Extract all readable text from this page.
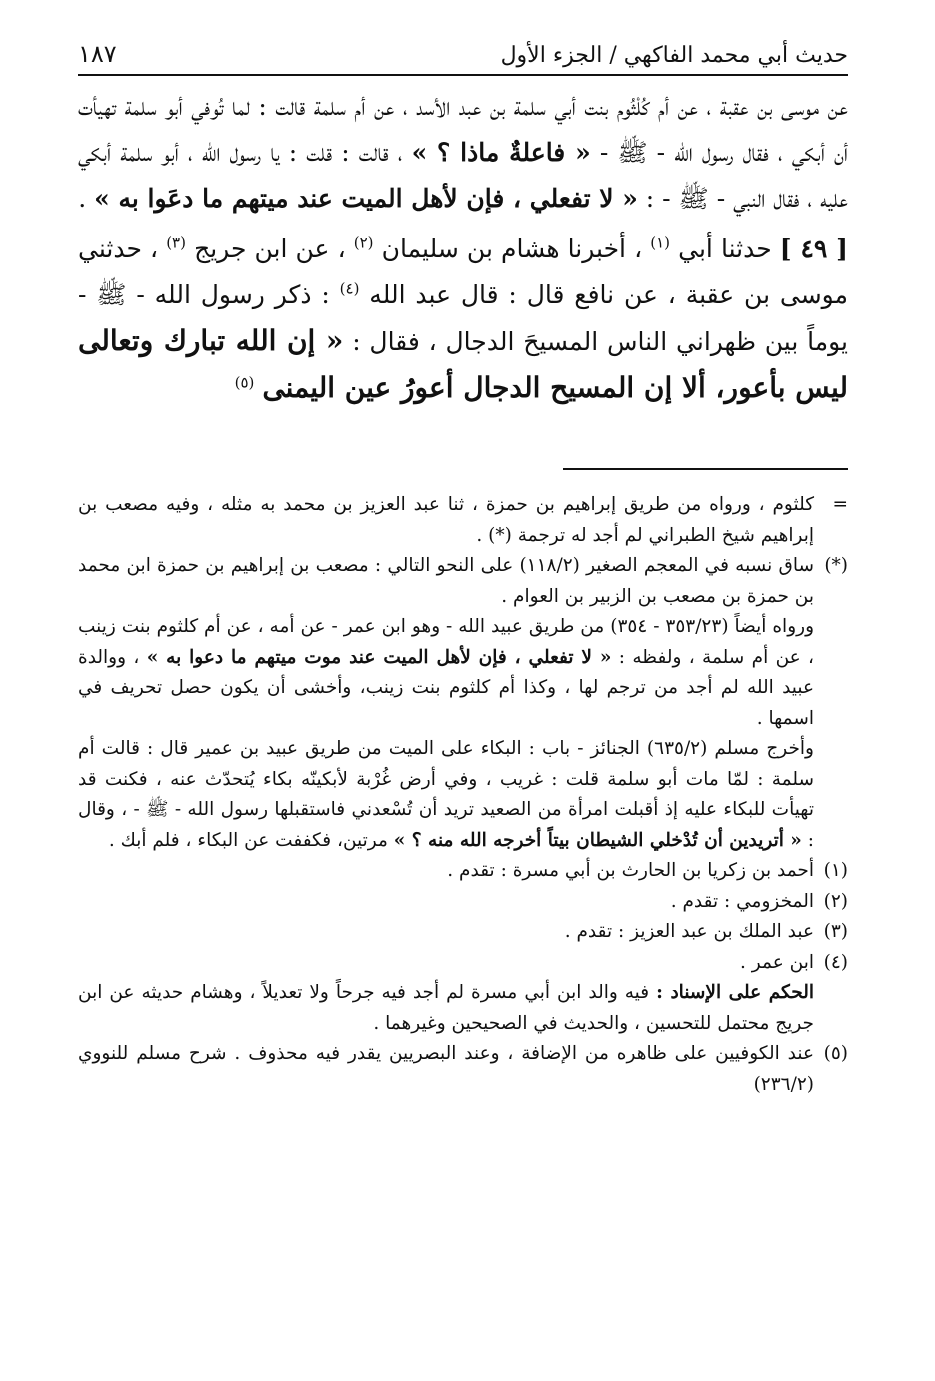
حديث أبي محمد الفاكهي / الجزء الأول
١٨٧

عن موسى بن عقبة ، عن أم كُلْثُوم بنت أبي سلمة بن عبد الأسد ، عن أم سلمة قالت : لما تُوفي أبو سلمة تهيأت أن أبكي ، فقال رسول الله - ﷺ - « فاعلةٌ ماذا ؟ » ، قالت : قلت : يا رسول الله ، أبو سلمة أبكي عليه ، فقال النبي - ﷺ - : « لا تفعلي ، فإن لأهل الميت عند ميتهم ما دعَوا به » .

[ ٤٩ ] حدثنا أبي $^{(١)}$ ، أخبرنا هشام بن سليمان $^{(٢)}$ ، عن ابن جريج $^{(٣)}$ ، حدثني موسى بن عقبة ، عن نافع قال : قال عبد الله $^{(٤)}$ : ذكر رسول الله - ﷺ - يوماً بين ظهراني الناس المسيحَ الدجال ، فقال : « إن الله تبارك وتعالى ليس بأعور، ألا إن المسيح الدجال أعورُ عين اليمنى $^{(٥)}$

=
كلثوم ، ورواه من طريق إبراهيم بن حمزة ، ثنا عبد العزيز بن محمد به مثله ، وفيه مصعب بن إبراهيم شيخ الطبراني لم أجد له ترجمة (*) .
(*)
ساق نسبه في المعجم الصغير (١١٨/٢) على النحو التالي : مصعب بن إبراهيم بن حمزة ابن محمد بن حمزة بن مصعب بن الزبير بن العوام .
ورواه أيضاً (٣٥٣/٢٣ - ٣٥٤) من طريق عبيد الله - وهو ابن عمر - عن أمه ، عن أم كلثوم بنت زينب ، عن أم سلمة ، ولفظه : « لا تفعلي ، فإن لأهل الميت عند موت ميتهم ما دعوا به » ، ووالدة عبيد الله لم أجد من ترجم لها ، وكذا أم كلثوم بنت زينب، وأخشى أن يكون حصل تحريف في اسمها .
وأخرج مسلم (٦٣٥/٢) الجنائز - باب : البكاء على الميت من طريق عبيد بن عمير قال : قالت أم سلمة : لمّا مات أبو سلمة قلت : غريب ، وفي أرض غُرْبة لأبكينّه بكاء يُتحدّث عنه ، فكنت قد تهيأت للبكاء عليه إذ أقبلت امرأة من الصعيد تريد أن تُسْعدني فاستقبلها رسول الله - ﷺ - ، وقال : « أتريدين أن تُدْخلي الشيطان بيتاً أخرجه الله منه ؟ » مرتين، فكففت عن البكاء ، فلم أبك .
(١)
أحمد بن زكريا بن الحارث بن أبي مسرة : تقدم .
(٢)
المخزومي : تقدم .
(٣)
عبد الملك بن عبد العزيز : تقدم .
(٤)
ابن عمر .
الحكم على الإسناد : فيه والد ابن أبي مسرة لم أجد فيه جرحاً ولا تعديلاً ، وهشام حديثه عن ابن جريج محتمل للتحسين ، والحديث في الصحيحين وغيرهما .
(٥)
عند الكوفيين على ظاهره من الإضافة ، وعند البصريين يقدر فيه محذوف . شرح مسلم للنووي (٢٣٦/٢)
